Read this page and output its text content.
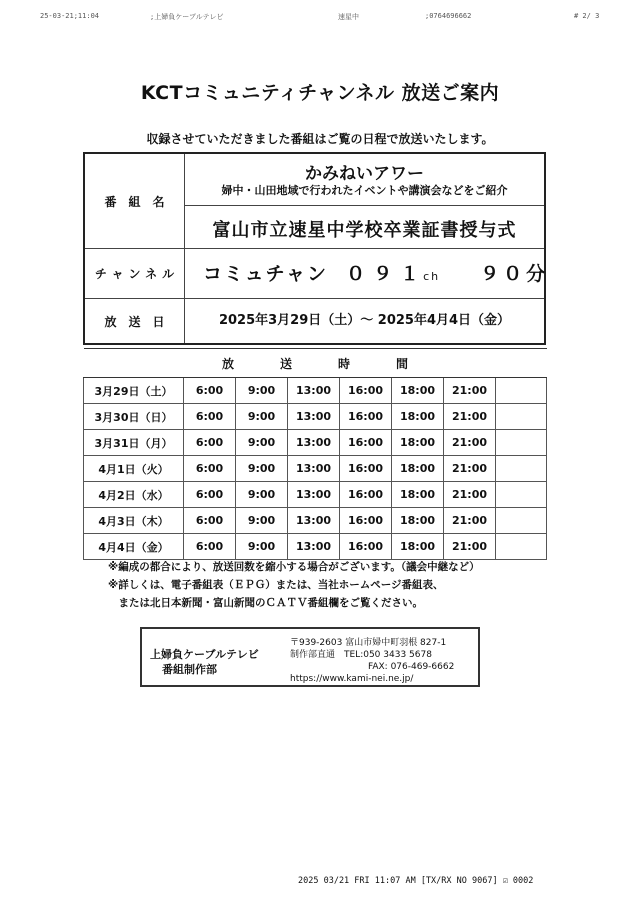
25-03-21;11:04	;上婦負ケーブルテレビ	速星中	;0764696662	# 2/ 3
KCTコミュニティチャンネル 放送ご案内
収録させていただきました番組はご覧の日程で放送いたします。
番組名
かみねいアワー
婦中・山田地域で行われたイベントや講演会などをご紹介
富山市立速星中学校卒業証書授与式
チャンネル	コミュチャン ０９１ch ９０分
放送日	2025年3月29日（土）～ 2025年4月4日（金）
放送時間							
3月29日（土）	6:00	9:00	13:00	16:00	18:00	21:00	
3月30日（日）	6:00	9:00	13:00	16:00	18:00	21:00	
3月31日（月）	6:00	9:00	13:00	16:00	18:00	21:00	
4月1日（火）	6:00	9:00	13:00	16:00	18:00	21:00	
4月2日（水）	6:00	9:00	13:00	16:00	18:00	21:00	
4月3日（木）	6:00	9:00	13:00	16:00	18:00	21:00	
4月4日（金）	6:00	9:00	13:00	16:00	18:00	21:00	
※編成の都合により、放送回数を縮小する場合がございます。（議会中継など）
※詳しくは、電子番組表（ＥＰＧ）または、当社ホームページ番組表、
　または北日本新聞・富山新聞のＣＡＴＶ番組欄をご覧ください。
上婦負ケーブルテレビ
番組制作部
〒939-2603 富山市婦中町羽根 827-1
制作部直通　TEL:050 3433 5678
FAX: 076-469-6662
https://www.kami-nei.ne.jp/
2025 03/21 FRI 11:07 AM [TX/RX NO 9067] ☑ 0002
